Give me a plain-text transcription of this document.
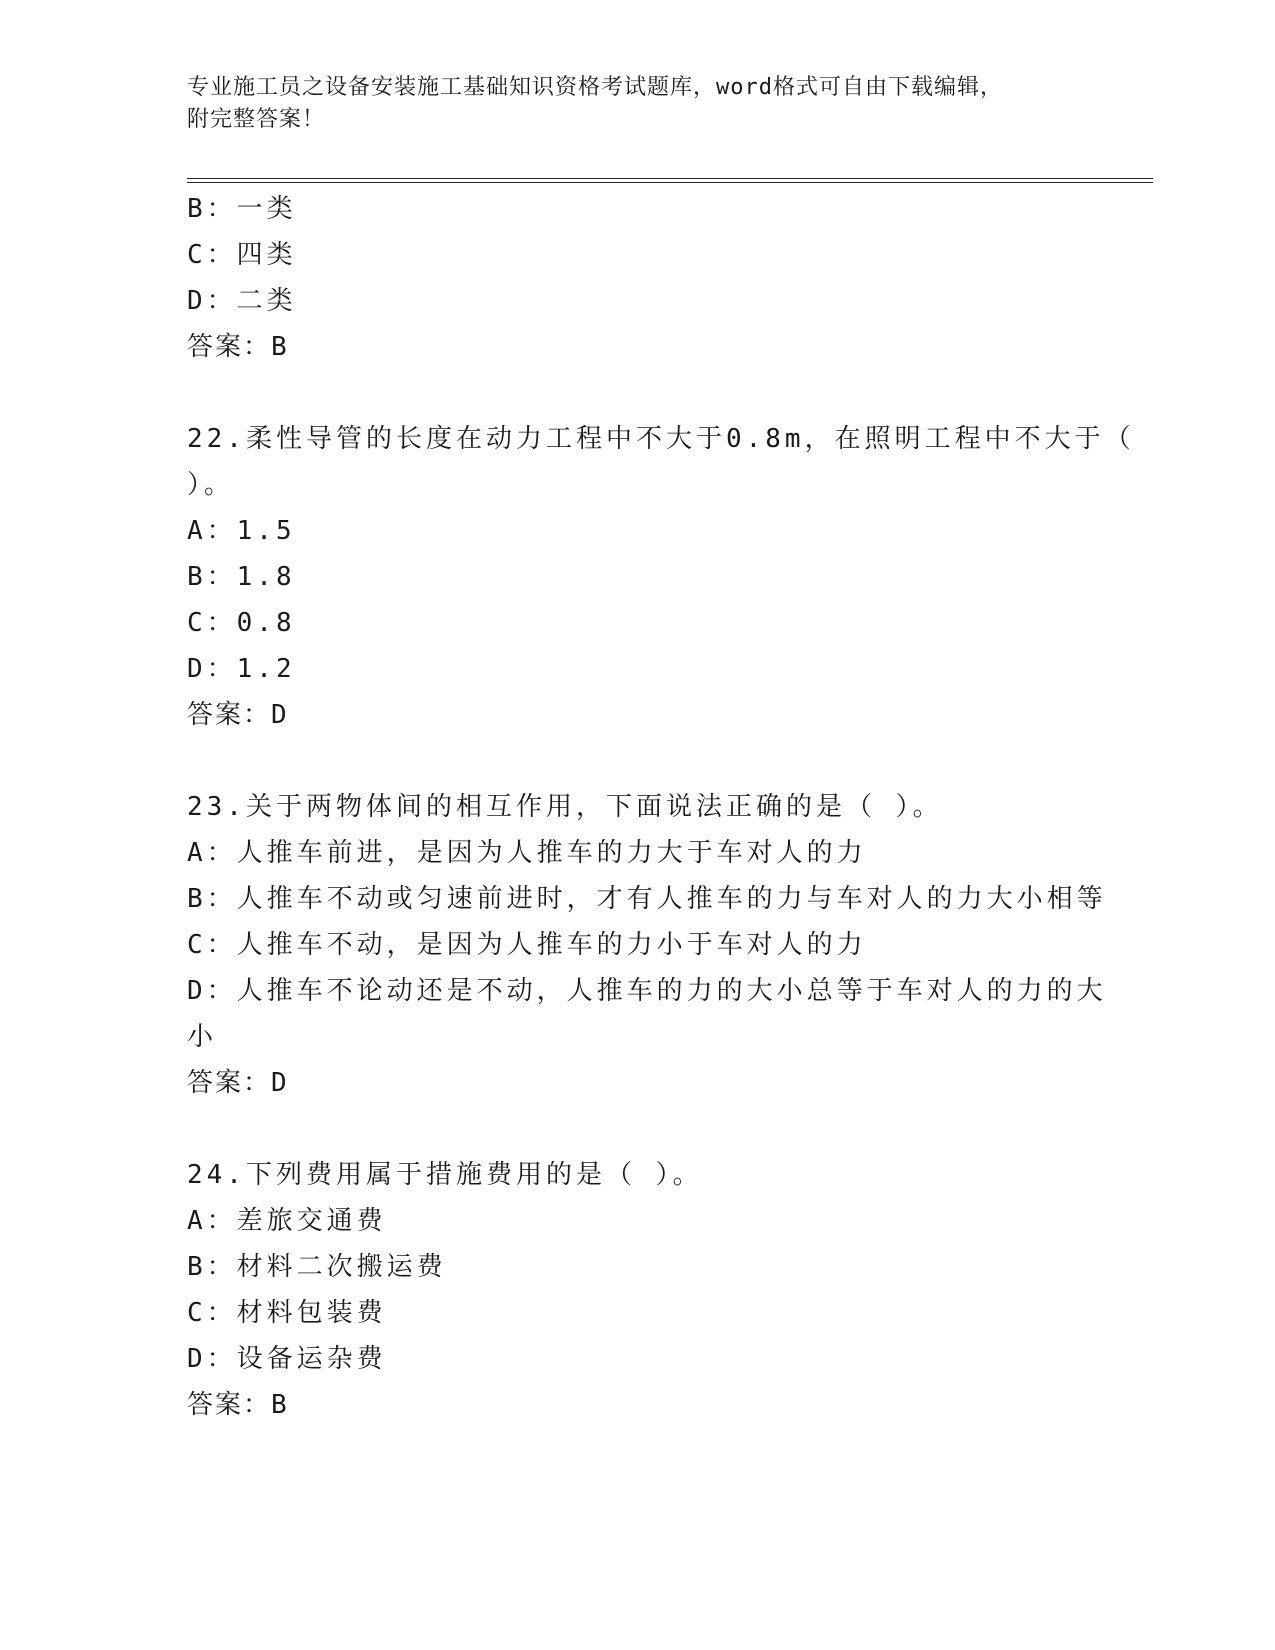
专业施工员之设备安装施工基础知识资格考试题库，word格式可自由下载编辑，
附完整答案！
B：一类
C：四类
D：二类
答案：B
22.柔性导管的长度在动力工程中不大于0.8m，在照明工程中不大于（
）。
A：1.5
B：1.8
C：0.8
D：1.2
答案：D
23.关于两物体间的相互作用，下面说法正确的是（ ）。
A：人推车前进，是因为人推车的力大于车对人的力
B：人推车不动或匀速前进时，才有人推车的力与车对人的力大小相等
C：人推车不动，是因为人推车的力小于车对人的力
D：人推车不论动还是不动，人推车的力的大小总等于车对人的力的大
小
答案：D
24.下列费用属于措施费用的是（ ）。
A：差旅交通费
B：材料二次搬运费
C：材料包装费
D：设备运杂费
答案：B
